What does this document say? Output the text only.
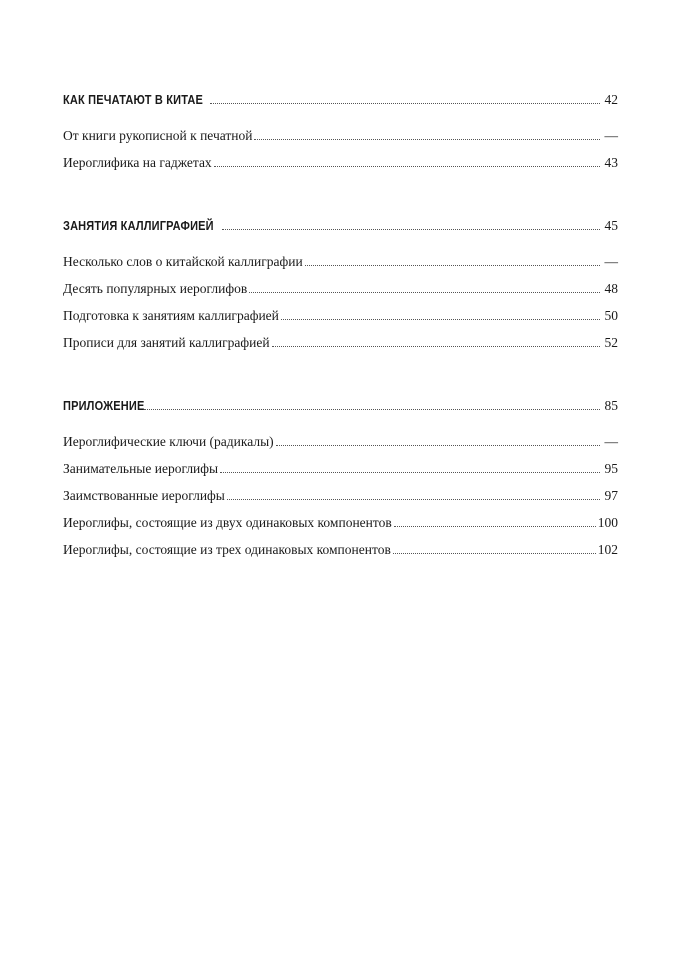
КАК ПЕЧАТАЮТ В КИТАЕ	42
От книги рукописной к печатной	—
Иероглифика на гаджетах	43
ЗАНЯТИЯ КАЛЛИГРАФИЕЙ	45
Несколько слов о китайской каллиграфии	—
Десять популярных иероглифов	48
Подготовка к занятиям каллиграфией	50
Прописи для занятий каллиграфией	52
ПРИЛОЖЕНИЕ	85
Иероглифические ключи (радикалы)	—
Занимательные иероглифы	95
Заимствованные иероглифы	97
Иероглифы, состоящие из двух одинаковых компонентов	100
Иероглифы, состоящие из трех одинаковых компонентов	102
